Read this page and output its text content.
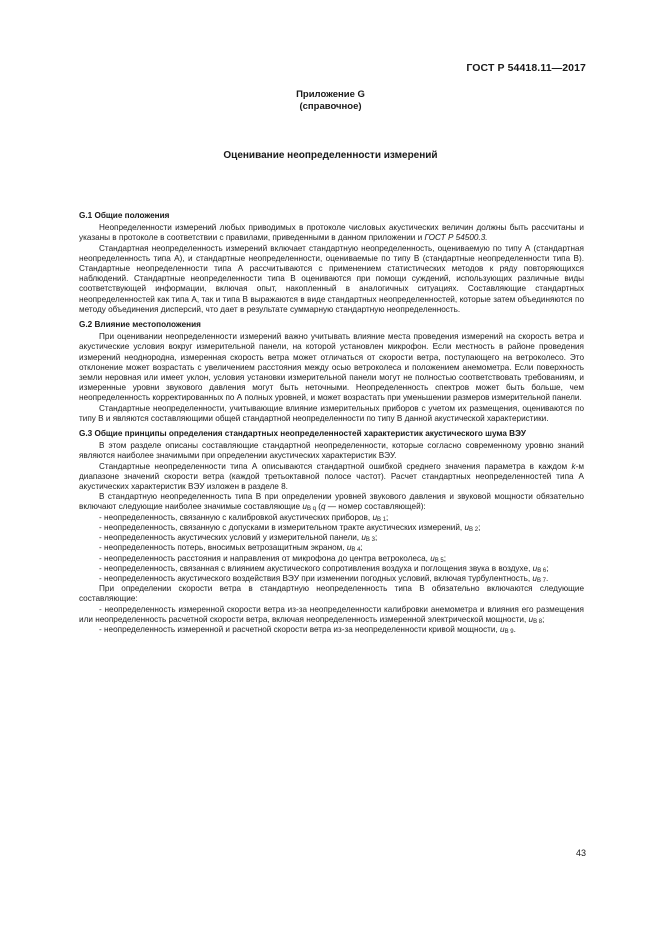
ГОСТ Р 54418.11—2017
Приложение G
(справочное)
Оценивание неопределенности измерений
G.1 Общие положения

Неопределенности измерений любых приводимых в протоколе числовых акустических величин должны быть рассчитаны и указаны в протоколе в соответствии с правилами, приведенными в данном приложении и ГОСТ Р 54500.3.

Стандартная неопределенность измерений включает стандартную неопределенность, оцениваемую по типу А (стандартная неопределенность типа А), и стандартные неопределенности, оцениваемые по типу В (стандартные неопределенности типа В). Стандартные неопределенности типа А рассчитываются с применением статистических методов к ряду повторяющихся наблюдений. Стандартные неопределенности типа В оцениваются при помощи суждений, использующих различные виды соответствующей информации, включая опыт, накопленный в аналогичных ситуациях. Составляющие стандартных неопределенностей как типа А, так и типа В выражаются в виде стандартных неопределенностей, которые затем объединяются по методу объединения дисперсий, что дает в результате суммарную стандартную неопределенность.

G.2 Влияние местоположения

При оценивании неопределенности измерений важно учитывать влияние места проведения измерений на скорость ветра и акустические условия вокруг измерительной панели, на которой установлен микрофон. Если местность в районе проведения измерений неоднородна, измеренная скорость ветра может отличаться от скорости ветра, поступающего на ветроколесо. Это отклонение может возрастать с увеличением расстояния между осью ветроколеса и положением анемометра. Если поверхность земли неровная или имеет уклон, условия установки измерительной панели могут не полностью соответствовать требованиям, и измеренные уровни звукового давления могут быть неточными. Неопределенность спектров может быть больше, чем неопределенность корректированных по А полных уровней, и может возрастать при уменьшении размеров измерительной панели.

Стандартные неопределенности, учитывающие влияние измерительных приборов с учетом их размещения, оцениваются по типу В и являются составляющими общей стандартной неопределенности по типу В данной акустической характеристики.

G.3 Общие принципы определения стандартных неопределенностей характеристик акустического шума ВЭУ

В этом разделе описаны составляющие стандартной неопределенности, которые согласно современному уровню знаний являются наиболее значимыми при определении акустических характеристик ВЭУ.

Стандартные неопределенности типа А описываются стандартной ошибкой среднего значения параметра в каждом k-м диапазоне значений скорости ветра (каждой третьоктавной полосе частот). Расчет стандартных неопределенностей типа А акустических характеристик ВЭУ изложен в разделе 8.

В стандартную неопределенность типа В при определении уровней звукового давления и звуковой мощности обязательно включают следующие наиболее значимые составляющие $u_{B q}$ (q — номер составляющей):

- неопределенность, связанную с калибровкой акустических приборов, $u_{B 1}$;
- неопределенность, связанную с допусками в измерительном тракте акустических измерений, $u_{B 2}$;
- неопределенность акустических условий у измерительной панели, $u_{B 3}$;
- неопределенность потерь, вносимых ветрозащитным экраном, $u_{B 4}$;
- неопределенность расстояния и направления от микрофона до центра ветроколеса, $u_{B 5}$;
- неопределенность, связанная с влиянием акустического сопротивления воздуха и поглощения звука в воздухе, $u_{B 6}$;
- неопределенность акустического воздействия ВЭУ при изменении погодных условий, включая турбулентность, $u_{B 7}$.

При определении скорости ветра в стандартную неопределенность типа В обязательно включаются следующие составляющие:

- неопределенность измеренной скорости ветра из-за неопределенности калибровки анемометра и влияния его размещения или неопределенность расчетной скорости ветра, включая неопределенность измеренной электрической мощности, $u_{B 8}$;
- неопределенность измеренной и расчетной скорости ветра из-за неопределенности кривой мощности, $u_{B 9}$.
43
